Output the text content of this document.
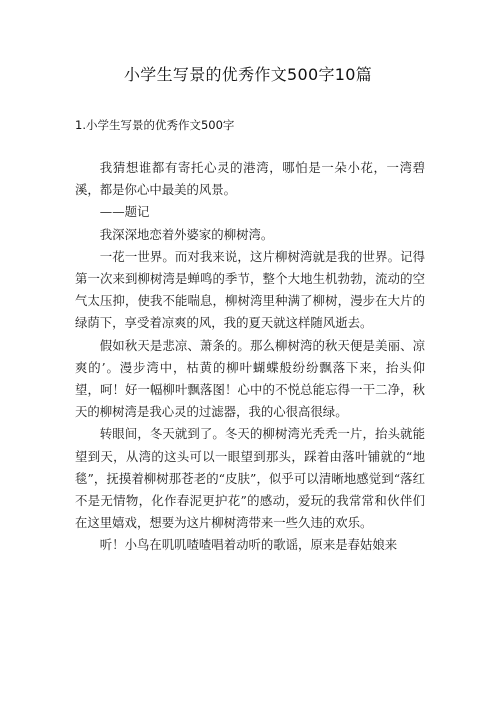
小学生写景的优秀作文500字10篇
1.小学生写景的优秀作文500字

我猜想谁都有寄托心灵的港湾，哪怕是一朵小花，一湾碧溪，都是你心中最美的风景。

——题记

我深深地恋着外婆家的柳树湾。

一花一世界。而对我来说，这片柳树湾就是我的世界。记得第一次来到柳树湾是蝉鸣的季节，整个大地生机勃勃，流动的空气太压抑，使我不能喘息，柳树湾里种满了柳树，漫步在大片的绿荫下，享受着凉爽的风，我的夏天就这样随风逝去。

假如秋天是悲凉、萧条的。那么柳树湾的秋天便是美丽、凉爽的’。漫步湾中，枯黄的柳叶蝴蝶般纷纷飘落下来，抬头仰望，呵！好一幅柳叶飘落图！心中的不悦总能忘得一干二净，秋天的柳树湾是我心灵的过滤器，我的心很高很绿。

转眼间，冬天就到了。冬天的柳树湾光秃秃一片，抬头就能望到天，从湾的这头可以一眼望到那头，踩着由落叶铺就的“地毯”，抚摸着柳树那苍老的“皮肤”，似乎可以清晰地感觉到“落红不是无情物，化作春泥更护花”的感动，爱玩的我常常和伙伴们在这里嬉戏，想要为这片柳树湾带来一些久违的欢乐。

听！小鸟在叽叽喳喳唱着动听的歌谣，原来是春姑娘来
